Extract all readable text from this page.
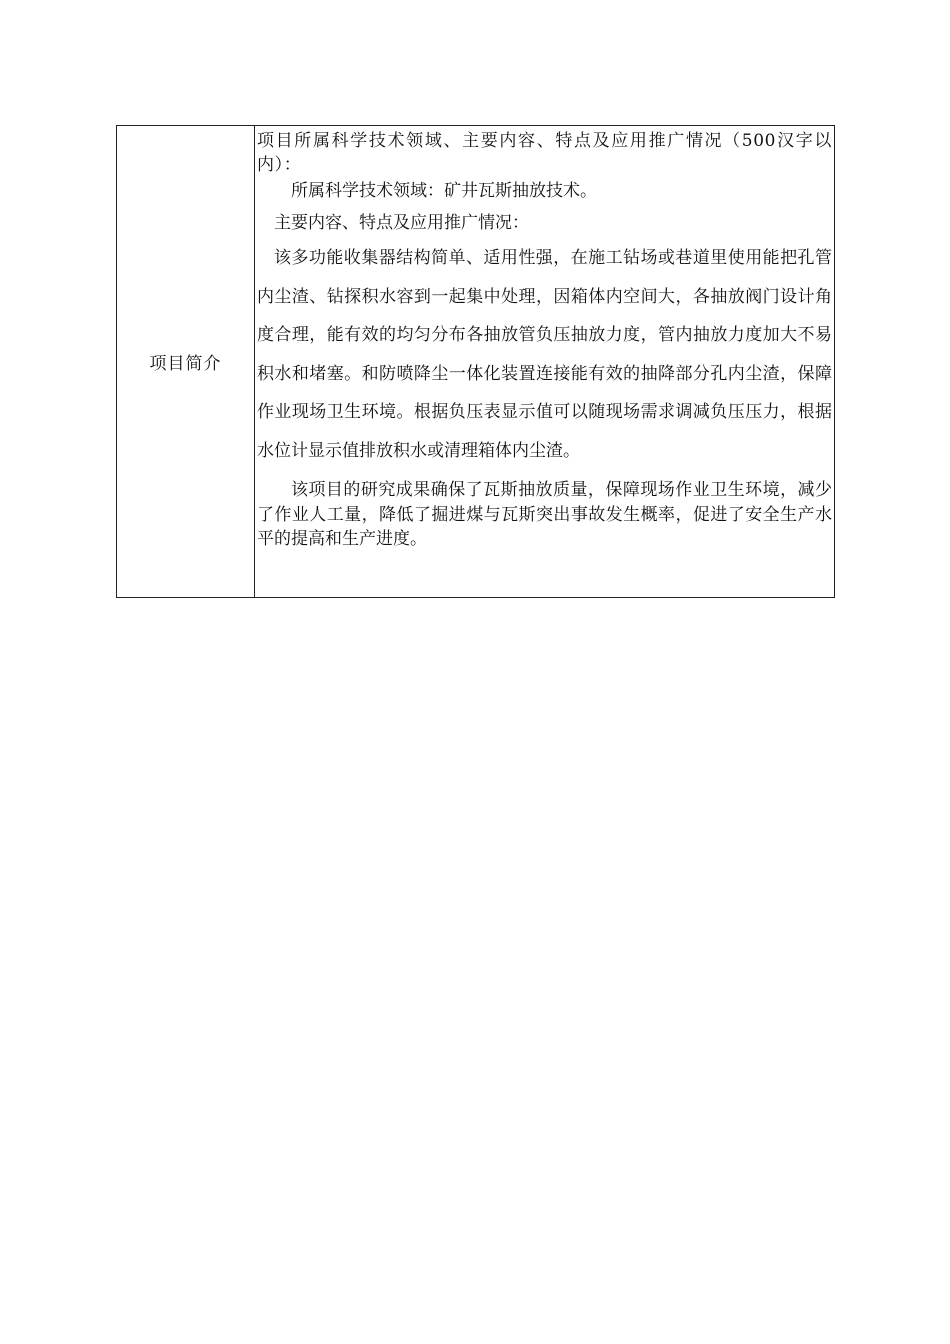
项目简介

项目所属科学技术领域、主要内容、特点及应用推广情况（500汉字以内）：

所属科学技术领域：矿井瓦斯抽放技术。

主要内容、特点及应用推广情况：

该多功能收集器结构简单、适用性强，在施工钻场或巷道里使用能把孔管内尘渣、钻探积水容到一起集中处理，因箱体内空间大，各抽放阀门设计角度合理，能有效的均匀分布各抽放管负压抽放力度，管内抽放力度加大不易积水和堵塞。和防喷降尘一体化装置连接能有效的抽降部分孔内尘渣，保障作业现场卫生环境。根据负压表显示值可以随现场需求调减负压压力，根据水位计显示值排放积水或清理箱体内尘渣。

该项目的研究成果确保了瓦斯抽放质量，保障现场作业卫生环境，减少了作业人工量，降低了掘进煤与瓦斯突出事故发生概率，促进了安全生产水平的提高和生产进度。
